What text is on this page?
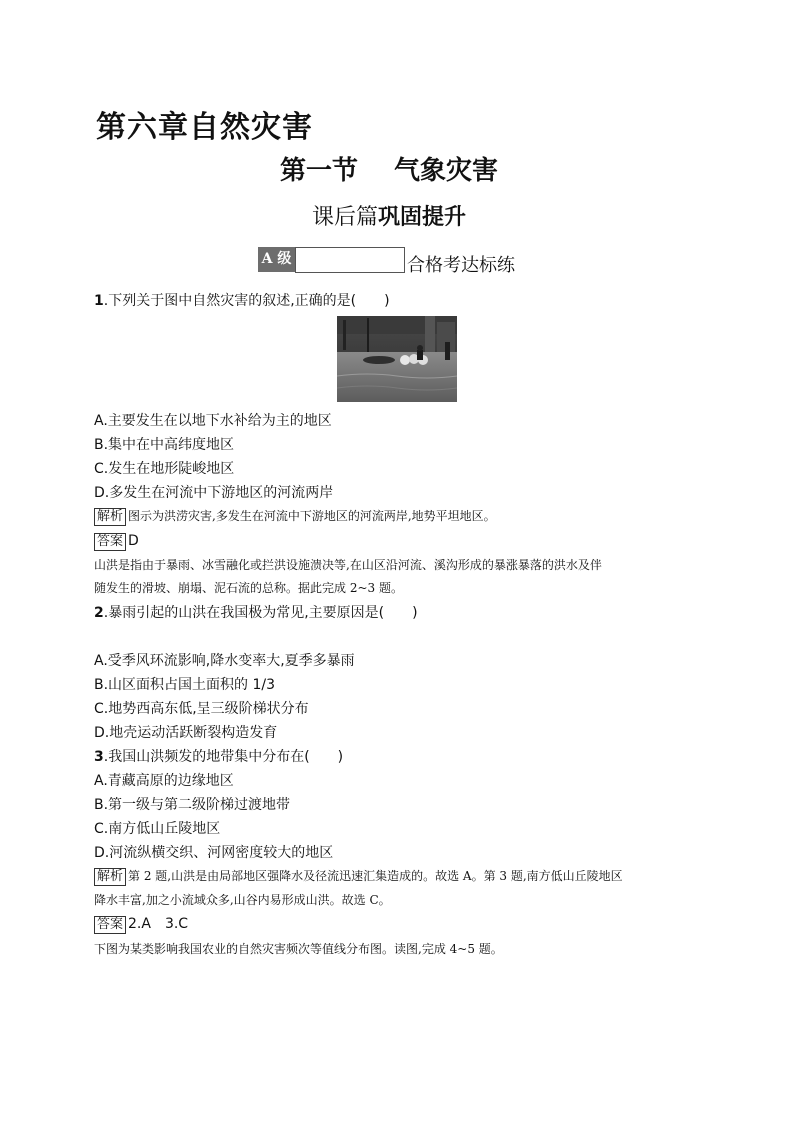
第六章自然灾害
第一节 气象灾害
课后篇巩固提升
A 级	合格考达标练
1.下列关于图中自然灾害的叙述,正确的是(　　)
A.主要发生在以地下水补给为主的地区
B.集中在中高纬度地区
C.发生在地形陡峻地区
D.多发生在河流中下游地区的河流两岸
解析 图示为洪涝灾害,多发生在河流中下游地区的河流两岸,地势平坦地区。
答案 D
山洪是指由于暴雨、冰雪融化或拦洪设施溃决等,在山区沿河流、溪沟形成的暴涨暴落的洪水及伴
随发生的滑坡、崩塌、泥石流的总称。据此完成 2~3 题。
2.暴雨引起的山洪在我国极为常见,主要原因是(　　)
A.受季风环流影响,降水变率大,夏季多暴雨
B.山区面积占国土面积的 1/3
C.地势西高东低,呈三级阶梯状分布
D.地壳运动活跃断裂构造发育
3.我国山洪频发的地带集中分布在(　　)
A.青藏高原的边缘地区
B.第一级与第二级阶梯过渡地带
C.南方低山丘陵地区
D.河流纵横交织、河网密度较大的地区
解析 第 2 题,山洪是由局部地区强降水及径流迅速汇集造成的。故选 A。第 3 题,南方低山丘陵地区
降水丰富,加之小流域众多,山谷内易形成山洪。故选 C。
答案 2.A　3.C
下图为某类影响我国农业的自然灾害频次等值线分布图。读图,完成 4~5 题。
